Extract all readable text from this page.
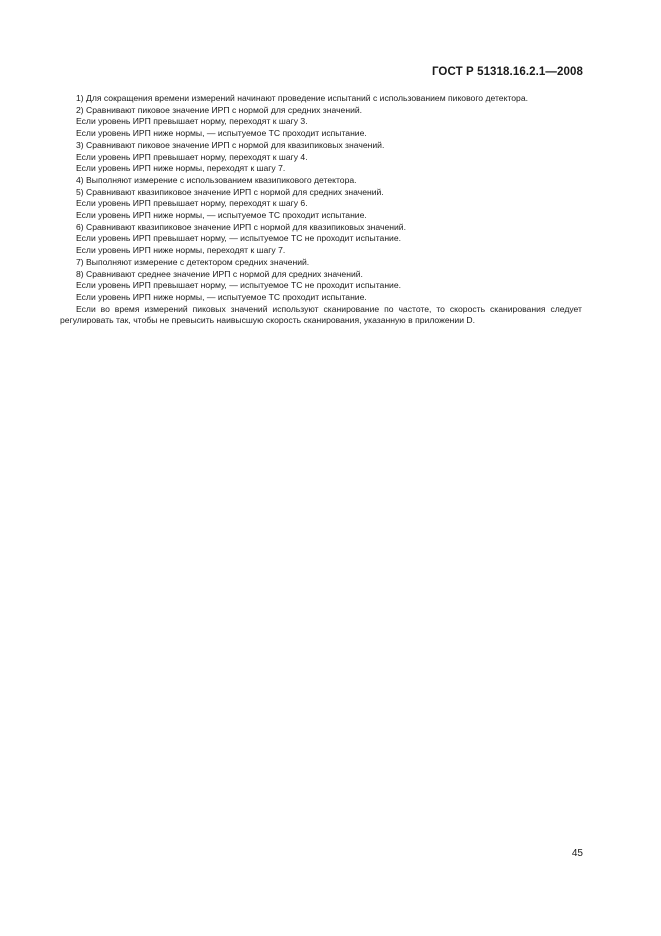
ГОСТ Р 51318.16.2.1—2008

1) Для сокращения времени измерений начинают проведение испытаний с использованием пикового детектора.

2) Сравнивают пиковое значение ИРП с нормой для средних значений.

Если уровень ИРП превышает норму, переходят к шагу 3.

Если уровень ИРП ниже нормы, — испытуемое ТС проходит испытание.

3) Сравнивают пиковое значение ИРП с нормой для квазипиковых значений.

Если уровень ИРП превышает норму, переходят к шагу 4.

Если уровень ИРП ниже нормы, переходят к шагу 7.

4) Выполняют измерение с использованием квазипикового детектора.

5) Сравнивают квазипиковое значение ИРП с нормой для средних значений.

Если уровень ИРП превышает норму, переходят к шагу 6.

Если уровень ИРП ниже нормы, — испытуемое ТС проходит испытание.

6) Сравнивают квазипиковое значение ИРП с нормой для квазипиковых значений.

Если уровень ИРП превышает норму, — испытуемое ТС не проходит испытание.

Если уровень ИРП ниже нормы, переходят к шагу 7.

7) Выполняют измерение с детектором средних значений.

8) Сравнивают среднее значение ИРП с нормой для средних значений.

Если уровень ИРП превышает норму, — испытуемое ТС не проходит испытание.

Если уровень ИРП ниже нормы, — испытуемое ТС проходит испытание.

Если во время измерений пиковых значений используют сканирование по частоте, то скорость сканирования следует регулировать так, чтобы не превысить наивысшую скорость сканирования, указанную в приложении D.

45
